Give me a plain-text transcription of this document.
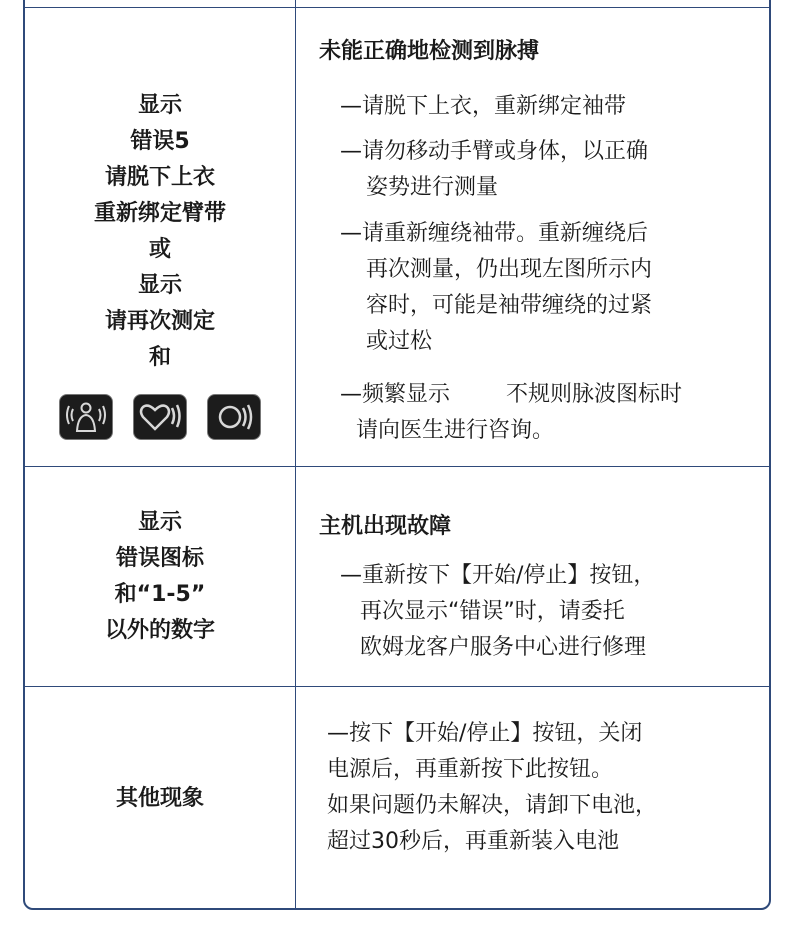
显示
错误5
请脱下上衣
重新绑定臂带
或
显示
请再次测定
和
未能正确地检测到脉搏
—请脱下上衣，重新绑定袖带
—请勿移动手臂或身体，以正确
姿势进行测量
—请重新缠绕袖带。重新缠绕后
再次测量，仍出现左图所示内
容时，可能是袖带缠绕的过紧
或过松
—频繁显示	不规则脉波图标时
请向医生进行咨询。
显示
错误图标
和“1-5”
以外的数字
主机出现故障
—重新按下【开始/停止】按钮，
再次显示“错误”时，请委托
欧姆龙客户服务中心进行修理
其他现象
—按下【开始/停止】按钮，关闭
电源后，再重新按下此按钮。
如果问题仍未解决，请卸下电池，
超过30秒后，再重新装入电池
